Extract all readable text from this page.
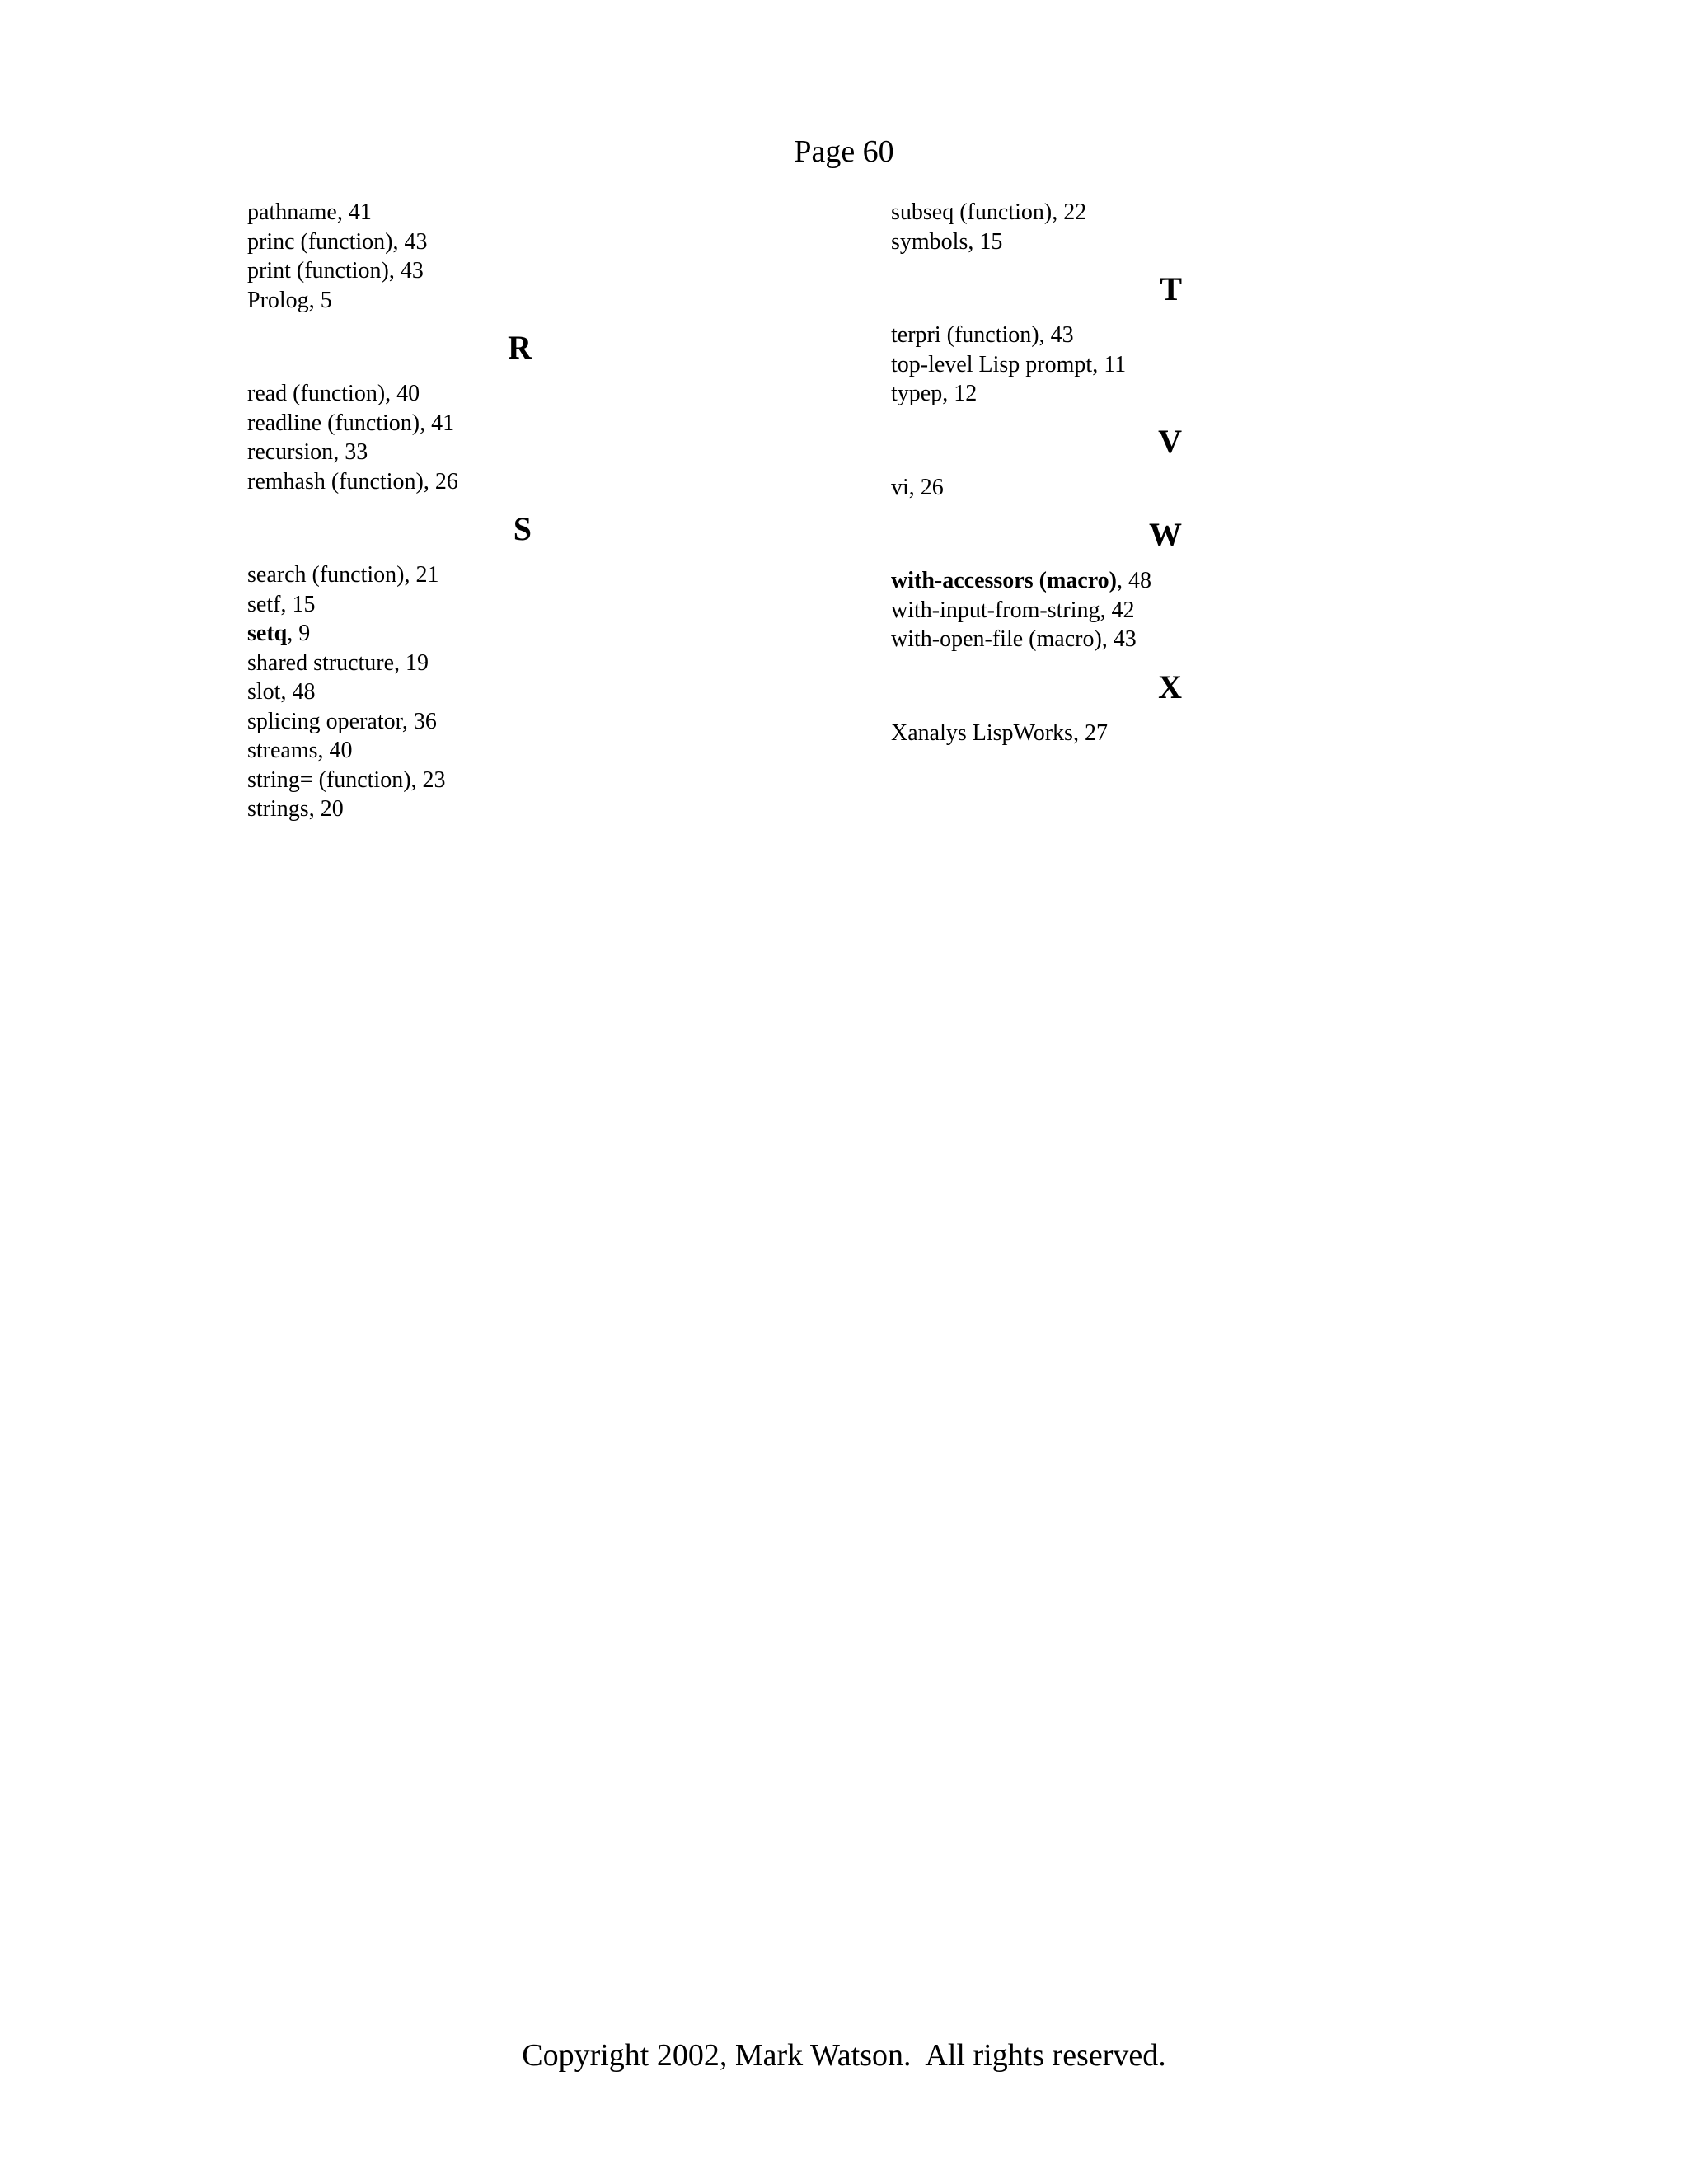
Page 60
pathname, 41
princ (function), 43
print (function), 43
Prolog, 5
R
read (function), 40
readline (function), 41
recursion, 33
remhash (function), 26
S
search (function), 21
setf, 15
setq, 9
shared structure, 19
slot, 48
splicing operator, 36
streams, 40
string= (function), 23
strings, 20
subseq (function), 22
symbols, 15
T
terpri (function), 43
top-level Lisp prompt, 11
typep, 12
V
vi, 26
W
with-accessors (macro), 48
with-input-from-string, 42
with-open-file (macro), 43
X
Xanalys LispWorks, 27
Copyright 2002, Mark Watson.  All rights reserved.
